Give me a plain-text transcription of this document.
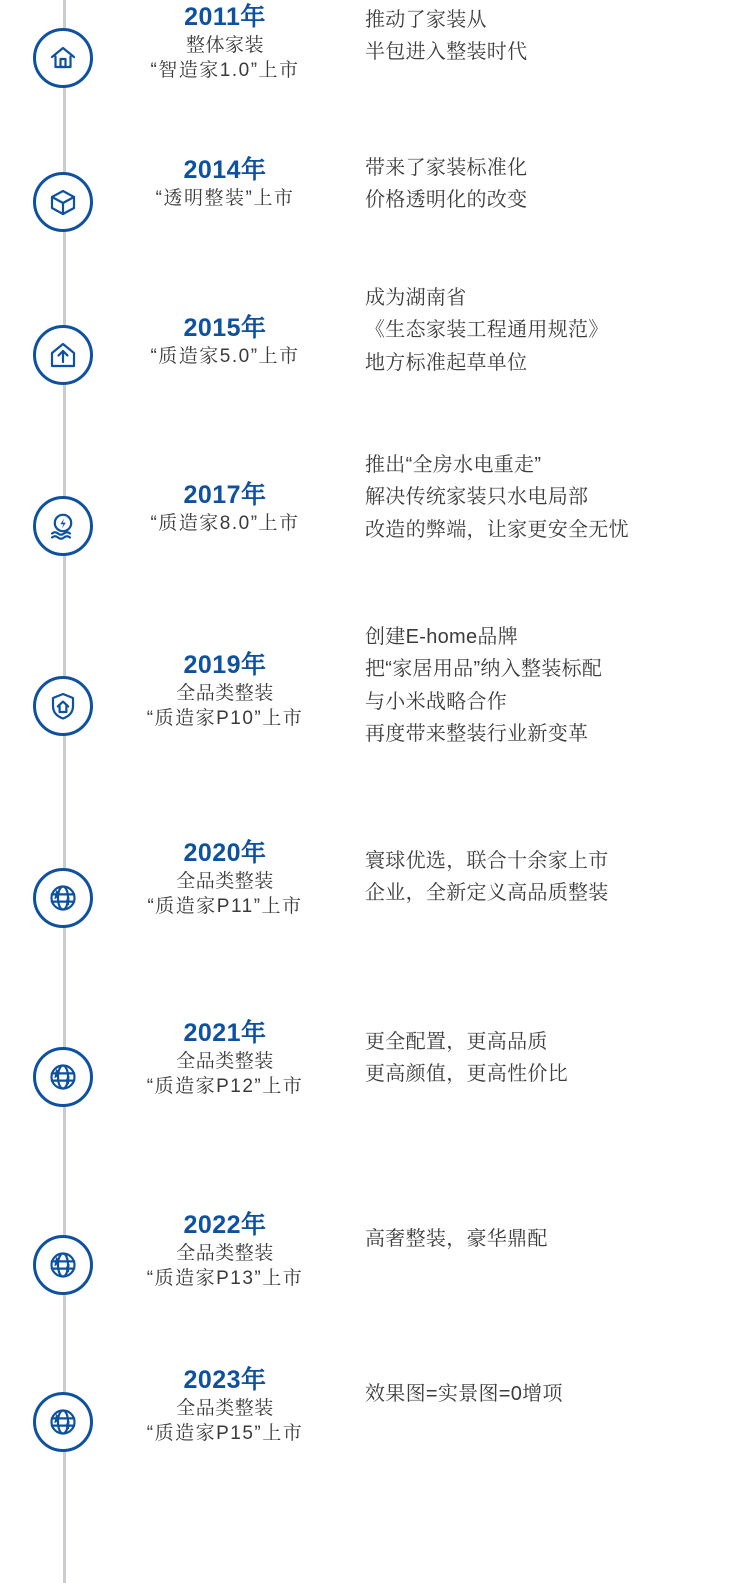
2011年
整体家装
“智造家1.0”上市
推动了家装从
半包进入整装时代
2014年
“透明整装”上市
带来了家装标准化
价格透明化的改变
2015年
“质造家5.0”上市
成为湖南省
《生态家装工程通用规范》
地方标准起草单位
2017年
“质造家8.0”上市
推出“全房水电重走”
解决传统家装只水电局部
改造的弊端，让家更安全无忧
2019年
全品类整装
“质造家P10”上市
创建E-home品牌
把“家居用品”纳入整装标配
与小米战略合作
再度带来整装行业新变革
2020年
全品类整装
“质造家P11”上市
寰球优选，联合十余家上市
企业，全新定义高品质整装
2021年
全品类整装
“质造家P12”上市
更全配置，更高品质
更高颜值，更高性价比
2022年
全品类整装
“质造家P13”上市
高奢整装，豪华鼎配
2023年
全品类整装
“质造家P15”上市
效果图=实景图=0增项
